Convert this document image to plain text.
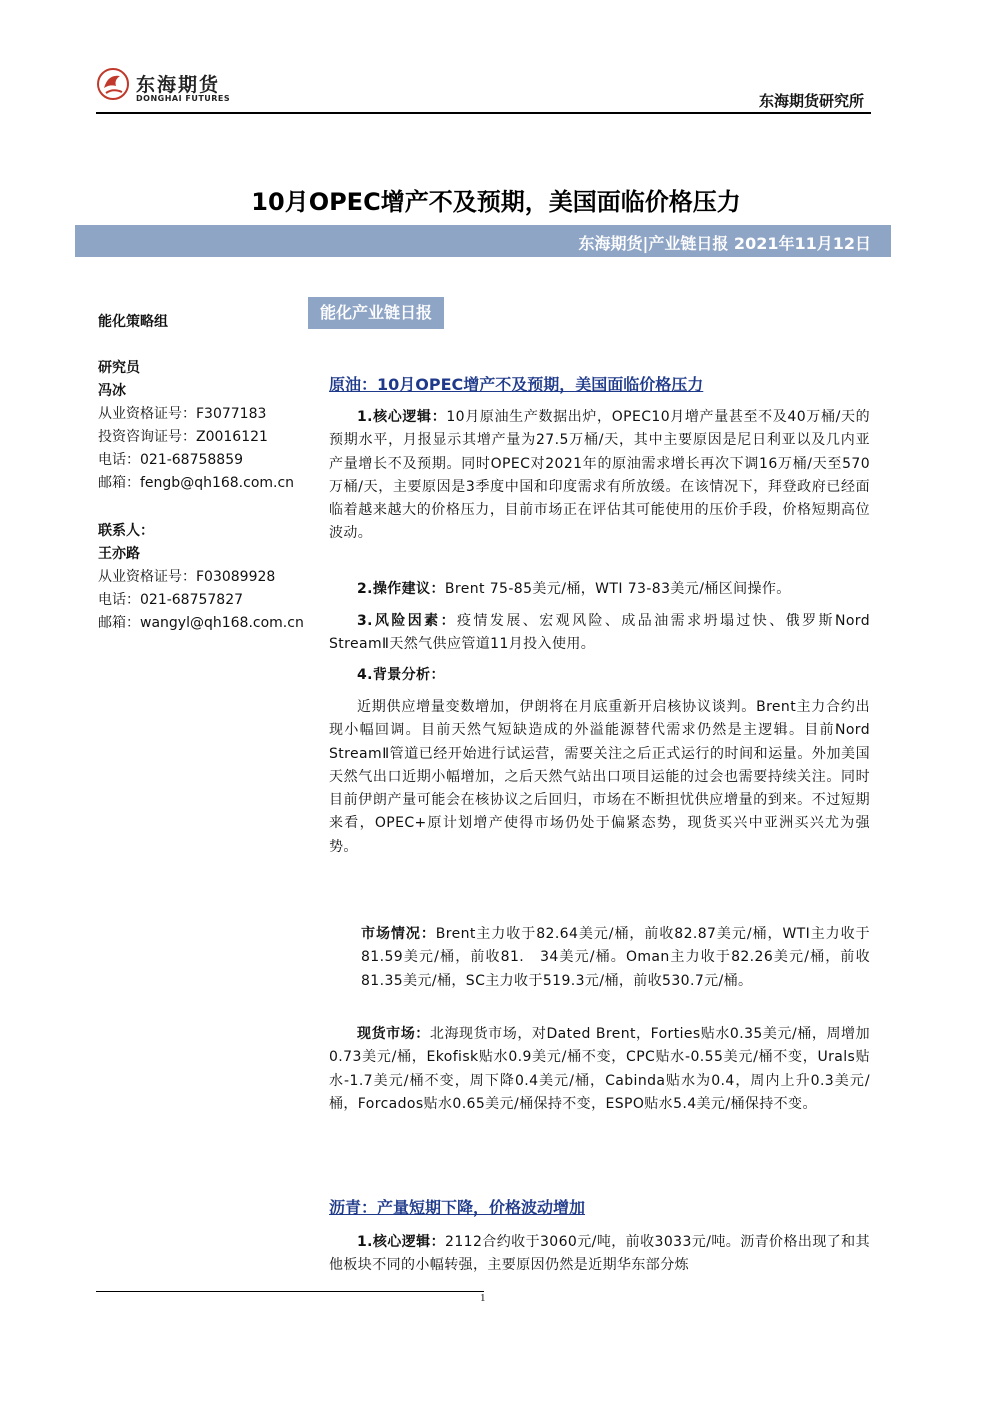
东海期货
DONGHAI FUTURES	东海期货研究所
10月OPEC增产不及预期，美国面临价格压力
东海期货|产业链日报 2021年11月12日
能化策略组
研究员
冯冰
从业资格证号：F3077183
投资咨询证号：Z0016121
电话：021-68758859
邮箱：fengb@qh168.com.cn
联系人：
王亦路
从业资格证号：F03089928
电话：021-68757827
邮箱：wangyl@qh168.com.cn
能化产业链日报
原油：10月OPEC增产不及预期，美国面临价格压力
1.核心逻辑：10月原油生产数据出炉，OPEC10月增产量甚至不及40万桶/天的预期水平，月报显示其增产量为27.5万桶/天，其中主要原因是尼日利亚以及几内亚产量增长不及预期。同时OPEC对2021年的原油需求增长再次下调16万桶/天至570万桶/天，主要原因是3季度中国和印度需求有所放缓。在该情况下，拜登政府已经面临着越来越大的价格压力，目前市场正在评估其可能使用的压价手段，价格短期高位波动。
2.操作建议：Brent 75-85美元/桶，WTI 73-83美元/桶区间操作。
3.风险因素：疫情发展、宏观风险、成品油需求坍塌过快、俄罗斯Nord StreamⅡ天然气供应管道11月投入使用。
4.背景分析：
近期供应增量变数增加，伊朗将在月底重新开启核协议谈判。Brent主力合约出现小幅回调。目前天然气短缺造成的外溢能源替代需求仍然是主逻辑。目前Nord StreamⅡ管道已经开始进行试运营，需要关注之后正式运行的时间和运量。外加美国天然气出口近期小幅增加，之后天然气站出口项目运能的过会也需要持续关注。同时目前伊朗产量可能会在核协议之后回归，市场在不断担忧供应增量的到来。不过短期来看，OPEC+原计划增产使得市场仍处于偏紧态势，现货买兴中亚洲买兴尤为强势。
市场情况：Brent主力收于82.64美元/桶，前收82.87美元/桶，WTI主力收于81.59美元/桶，前收81.　34美元/桶。Oman主力收于82.26美元/桶，前收81.35美元/桶，SC主力收于519.3元/桶，前收530.7元/桶。
现货市场：北海现货市场，对Dated Brent，Forties贴水0.35美元/桶，周增加0.73美元/桶，Ekofisk贴水0.9美元/桶不变，CPC贴水-0.55美元/桶不变，Urals贴水-1.7美元/桶不变，周下降0.4美元/桶，Cabinda贴水为0.4，周内上升0.3美元/桶，Forcados贴水0.65美元/桶保持不变，ESPO贴水5.4美元/桶保持不变。
沥青：产量短期下降，价格波动增加
1.核心逻辑：2112合约收于3060元/吨，前收3033元/吨。沥青价格出现了和其他板块不同的小幅转强，主要原因仍然是近期华东部分炼
1
